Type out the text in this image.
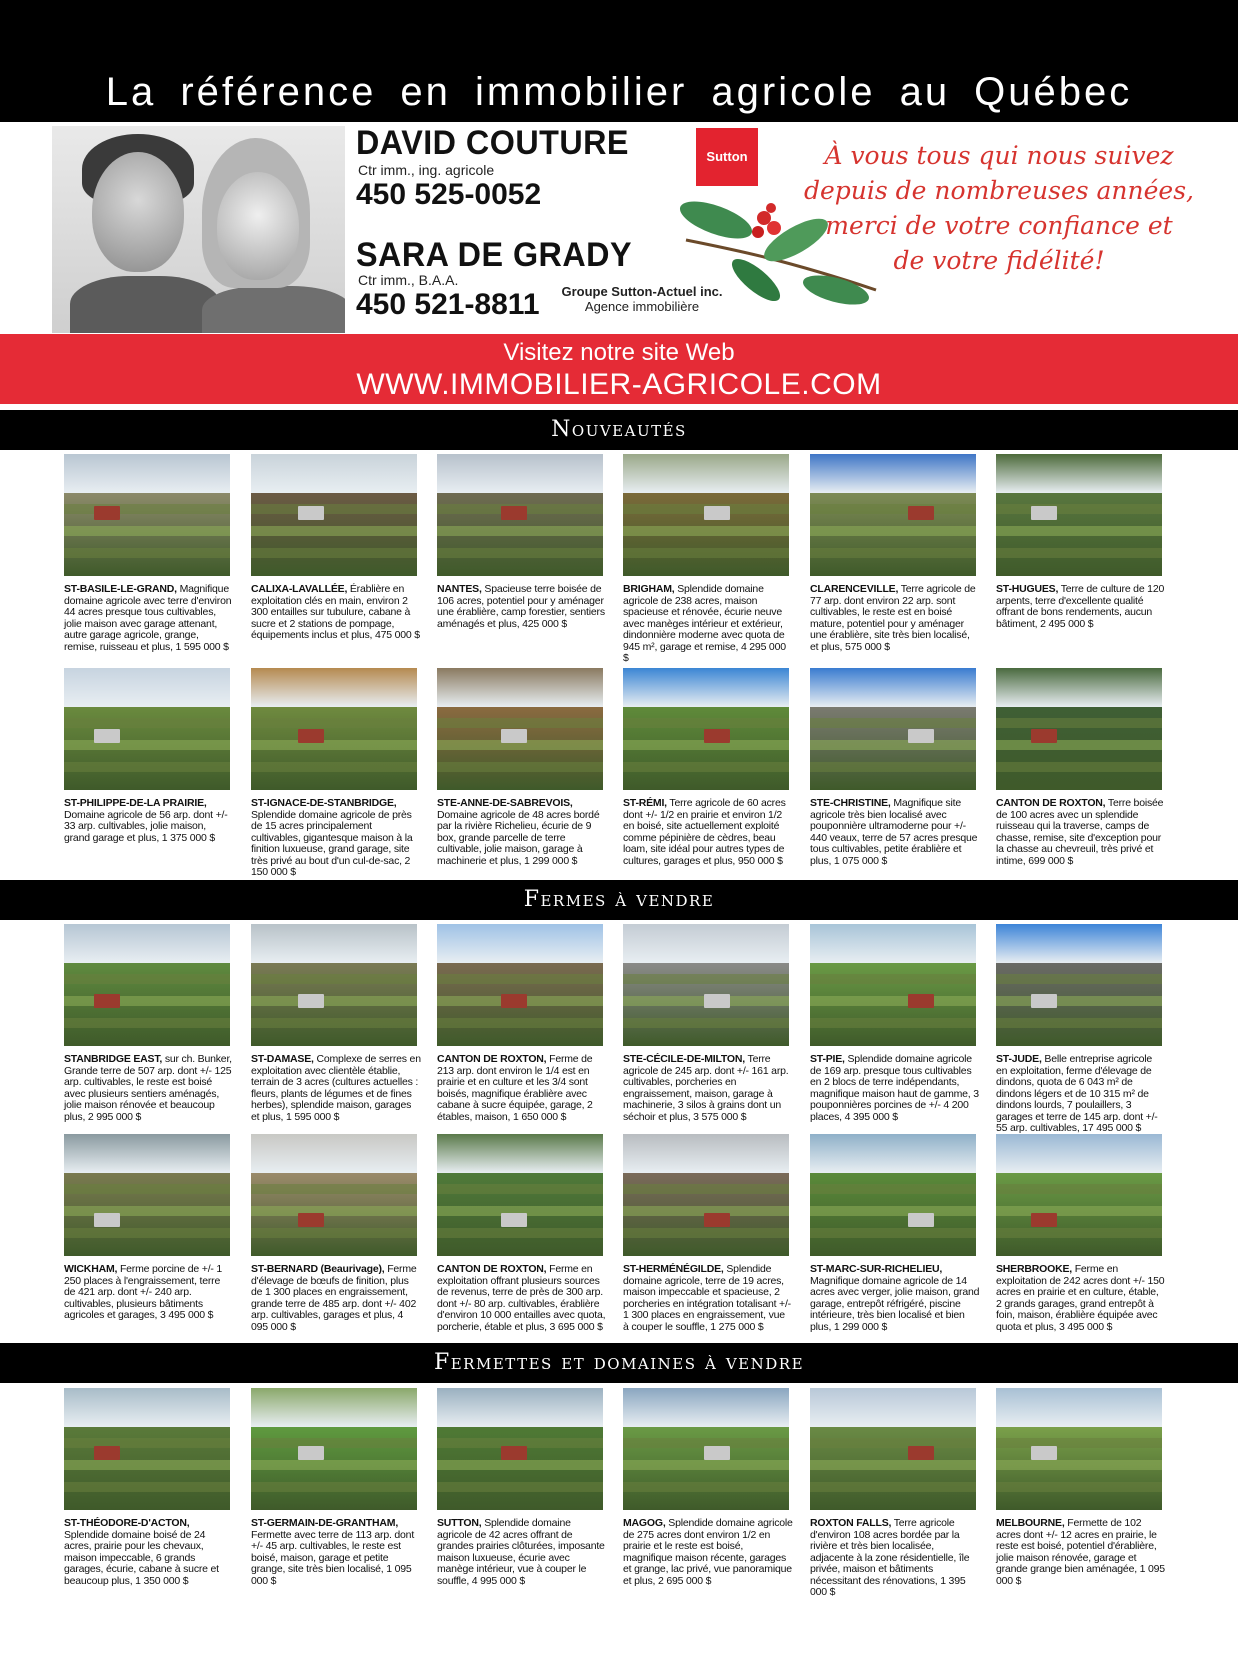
La référence en immobilier agricole au Québec
DAVID COUTURE
Ctr imm., ing. agricole
450 525-0052
SARA DE GRADY
Ctr imm., B.A.A.
450 521-8811
Sutton
Groupe Sutton-Actuel inc.
Agence immobilière
À vous tous qui nous suivez
depuis de nombreuses années,
merci de votre confiance et
de votre fidélité!
Visitez notre site Web
WWW.IMMOBILIER-AGRICOLE.COM
Nouveautés
Fermes à vendre
Fermettes et domaines à vendre
ST-BASILE-LE-GRAND, Magnifique domaine agricole avec terre d'environ 44 acres presque tous cultivables, jolie maison avec garage attenant, autre garage agricole, grange, remise, ruisseau et plus, 1 595 000 $
CALIXA-LAVALLÉE, Érablière en exploitation clés en main, environ 2 300 entailles sur tubulure, cabane à sucre et 2 stations de pompage, équipements inclus et plus, 475 000 $
NANTES, Spacieuse terre boisée de 106 acres, potentiel pour y aménager une érablière, camp forestier, sentiers aménagés et plus, 425 000 $
BRIGHAM, Splendide domaine agricole de 238 acres, maison spacieuse et rénovée, écurie neuve avec manèges intérieur et extérieur, dindonnière moderne avec quota de 945 m², garage et remise, 4 295 000 $
CLARENCEVILLE, Terre agricole de 77 arp. dont environ 22 arp. sont cultivables, le reste est en boisé mature, potentiel pour y aménager une érablière, site très bien localisé, et plus, 575 000 $
ST-HUGUES, Terre de culture de 120 arpents, terre d'excellente qualité offrant de bons rendements, aucun bâtiment, 2 495 000 $
ST-PHILIPPE-DE-LA PRAIRIE, Domaine agricole de 56 arp. dont +/- 33 arp. cultivables, jolie maison, grand garage et plus, 1 375 000 $
ST-IGNACE-DE-STANBRIDGE, Splendide domaine agricole de près de 15 acres principalement cultivables, gigantesque maison à la finition luxueuse, grand garage, site très privé au bout d'un cul-de-sac, 2 150 000 $
STE-ANNE-DE-SABREVOIS, Domaine agricole de 48 acres bordé par la rivière Richelieu, écurie de 9 box, grande parcelle de terre cultivable, jolie maison, garage à machinerie et plus, 1 299 000 $
ST-RÉMI, Terre agricole de 60 acres dont +/- 1/2 en prairie et environ 1/2 en boisé, site actuellement exploité comme pépinière de cèdres, beau loam, site idéal pour autres types de cultures, garages et plus, 950 000 $
STE-CHRISTINE, Magnifique site agricole très bien localisé avec pouponnière ultramoderne pour +/- 440 veaux, terre de 57 acres presque tous cultivables, petite érablière et plus, 1 075 000 $
CANTON DE ROXTON, Terre boisée de 100 acres avec un splendide ruisseau qui la traverse, camps de chasse, remise, site d'exception pour la chasse au chevreuil, très privé et intime, 699 000 $
STANBRIDGE EAST, sur ch. Bunker, Grande terre de 507 arp. dont +/- 125 arp. cultivables, le reste est boisé avec plusieurs sentiers aménagés, jolie maison rénovée et beaucoup plus, 2 995 000 $
ST-DAMASE, Complexe de serres en exploitation avec clientèle établie, terrain de 3 acres (cultures actuelles : fleurs, plants de légumes et de fines herbes), splendide maison, garages et plus, 1 595 000 $
CANTON DE ROXTON, Ferme de 213 arp. dont environ le 1/4 est en prairie et en culture et les 3/4 sont boisés, magnifique érablière avec cabane à sucre équipée, garage, 2 étables, maison, 1 650 000 $
STE-CÉCILE-DE-MILTON, Terre agricole de 245 arp. dont +/- 161 arp. cultivables, porcheries en engraissement, maison, garage à machinerie, 3 silos à grains dont un séchoir et plus, 3 575 000 $
ST-PIE, Splendide domaine agricole de 169 arp. presque tous cultivables en 2 blocs de terre indépendants, magnifique maison haut de gamme, 3 pouponnières porcines de +/- 4 200 places, 4 395 000 $
ST-JUDE, Belle entreprise agricole en exploitation, ferme d'élevage de dindons, quota de 6 043 m² de dindons légers et de 10 315 m² de dindons lourds, 7 poulaillers, 3 garages et terre de 145 arp. dont +/- 55 arp. cultivables, 17 495 000 $
WICKHAM, Ferme porcine de +/- 1 250 places à l'engraissement, terre de 421 arp. dont +/- 240 arp. cultivables, plusieurs bâtiments agricoles et garages, 3 495 000 $
ST-BERNARD (Beaurivage), Ferme d'élevage de bœufs de finition, plus de 1 300 places en engraissement, grande terre de 485 arp. dont +/- 402 arp. cultivables, garages et plus, 4 095 000 $
CANTON DE ROXTON, Ferme en exploitation offrant plusieurs sources de revenus, terre de près de 300 arp. dont +/- 80 arp. cultivables, érablière d'environ 10 000 entailles avec quota, porcherie, étable et plus, 3 695 000 $
ST-HERMÉNÉGILDE, Splendide domaine agricole, terre de 19 acres, maison impeccable et spacieuse, 2 porcheries en intégration totalisant +/- 1 300 places en engraissement, vue à couper le souffle, 1 275 000 $
ST-MARC-SUR-RICHELIEU, Magnifique domaine agricole de 14 acres avec verger, jolie maison, grand garage, entrepôt réfrigéré, piscine intérieure, très bien localisé et bien plus, 1 299 000 $
SHERBROOKE, Ferme en exploitation de 242 acres dont +/- 150 acres en prairie et en culture, étable, 2 grands garages, grand entrepôt à foin, maison, érablière équipée avec quota et plus, 3 495 000 $
ST-THÉODORE-D'ACTON, Splendide domaine boisé de 24 acres, prairie pour les chevaux, maison impeccable, 6 grands garages, écurie, cabane à sucre et beaucoup plus, 1 350 000 $
ST-GERMAIN-DE-GRANTHAM, Fermette avec terre de 113 arp. dont +/- 45 arp. cultivables, le reste est boisé, maison, garage et petite grange, site très bien localisé, 1 095 000 $
SUTTON, Splendide domaine agricole de 42 acres offrant de grandes prairies clôturées, imposante maison luxueuse, écurie avec manège intérieur, vue à couper le souffle, 4 995 000 $
MAGOG, Splendide domaine agricole de 275 acres dont environ 1/2 en prairie et le reste est boisé, magnifique maison récente, garages et grange, lac privé, vue panoramique et plus, 2 695 000 $
ROXTON FALLS, Terre agricole d'environ 108 acres bordée par la rivière et très bien localisée, adjacente à la zone résidentielle, île privée, maison et bâtiments nécessitant des rénovations, 1 395 000 $
MELBOURNE, Fermette de 102 acres dont +/- 12 acres en prairie, le reste est boisé, potentiel d'érablière, jolie maison rénovée, garage et grande grange bien aménagée, 1 095 000 $
